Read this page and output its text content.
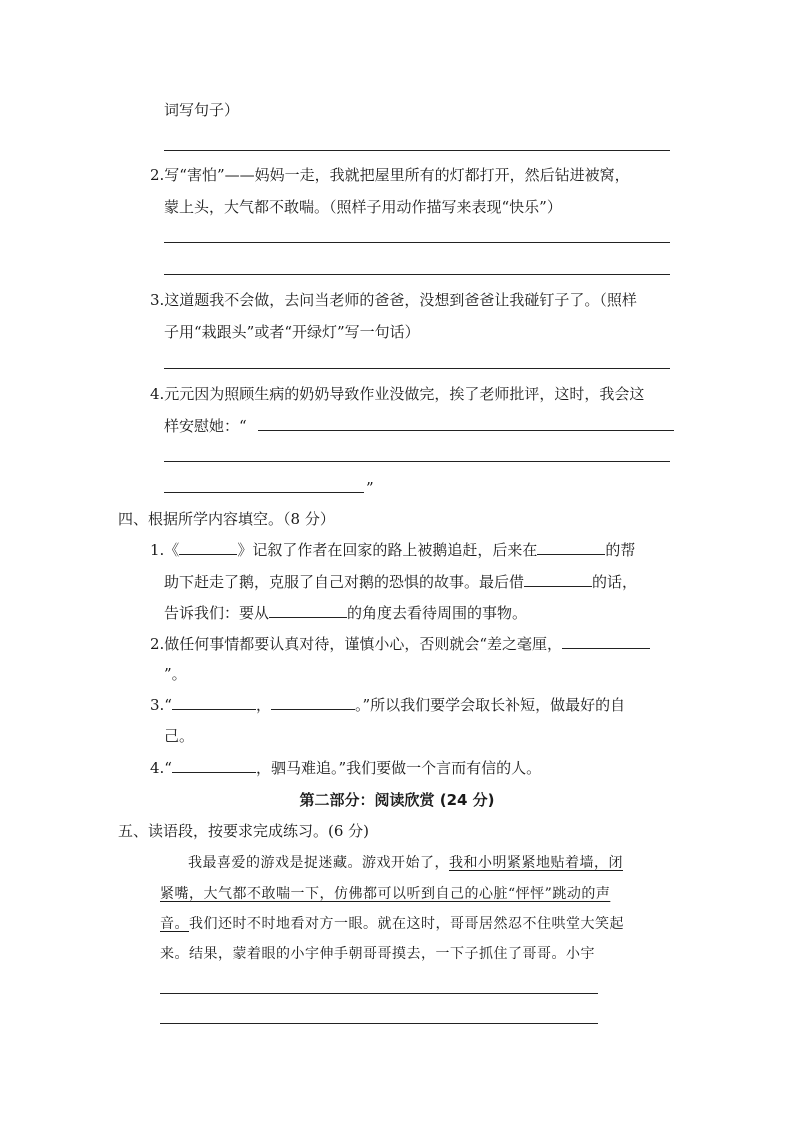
词写句子）
2.写“害怕”——妈妈一走，我就把屋里所有的灯都打开，然后钻进被窝，
蒙上头，大气都不敢喘。（照样子用动作描写来表现“快乐”）
3.这道题我不会做，去问当老师的爸爸，没想到爸爸让我碰钉子了。（照样
子用“栽跟头”或者“开绿灯”写一句话）
4.元元因为照顾生病的奶奶导致作业没做完，挨了老师批评，这时，我会这
样安慰她：“
”
四、根据所学内容填空。（8 分）
1.《	》记叙了作者在回家的路上被鹅追赶，后来在	的帮
助下赶走了鹅，克服了自己对鹅的恐惧的故事。最后借	的话，
告诉我们：要从	的角度去看待周围的事物。
2.做任何事情都要认真对待，谨慎小心，否则就会“差之毫厘，
”。
3.“	，	。”所以我们要学会取长补短，做最好的自
己。
4.“	，驷马难追。”我们要做一个言而有信的人。
第二部分：阅读欣赏 (24 分)
五、读语段，按要求完成练习。(6 分)
我最喜爱的游戏是捉迷藏。游戏开始了，我和小明紧紧地贴着墙，闭
紧嘴，大气都不敢喘一下，仿佛都可以听到自己的心脏“怦怦”跳动的声
音。我们还时不时地看对方一眼。就在这时，哥哥居然忍不住哄堂大笑起
来。结果，蒙着眼的小宇伸手朝哥哥摸去，一下子抓住了哥哥。小宇
